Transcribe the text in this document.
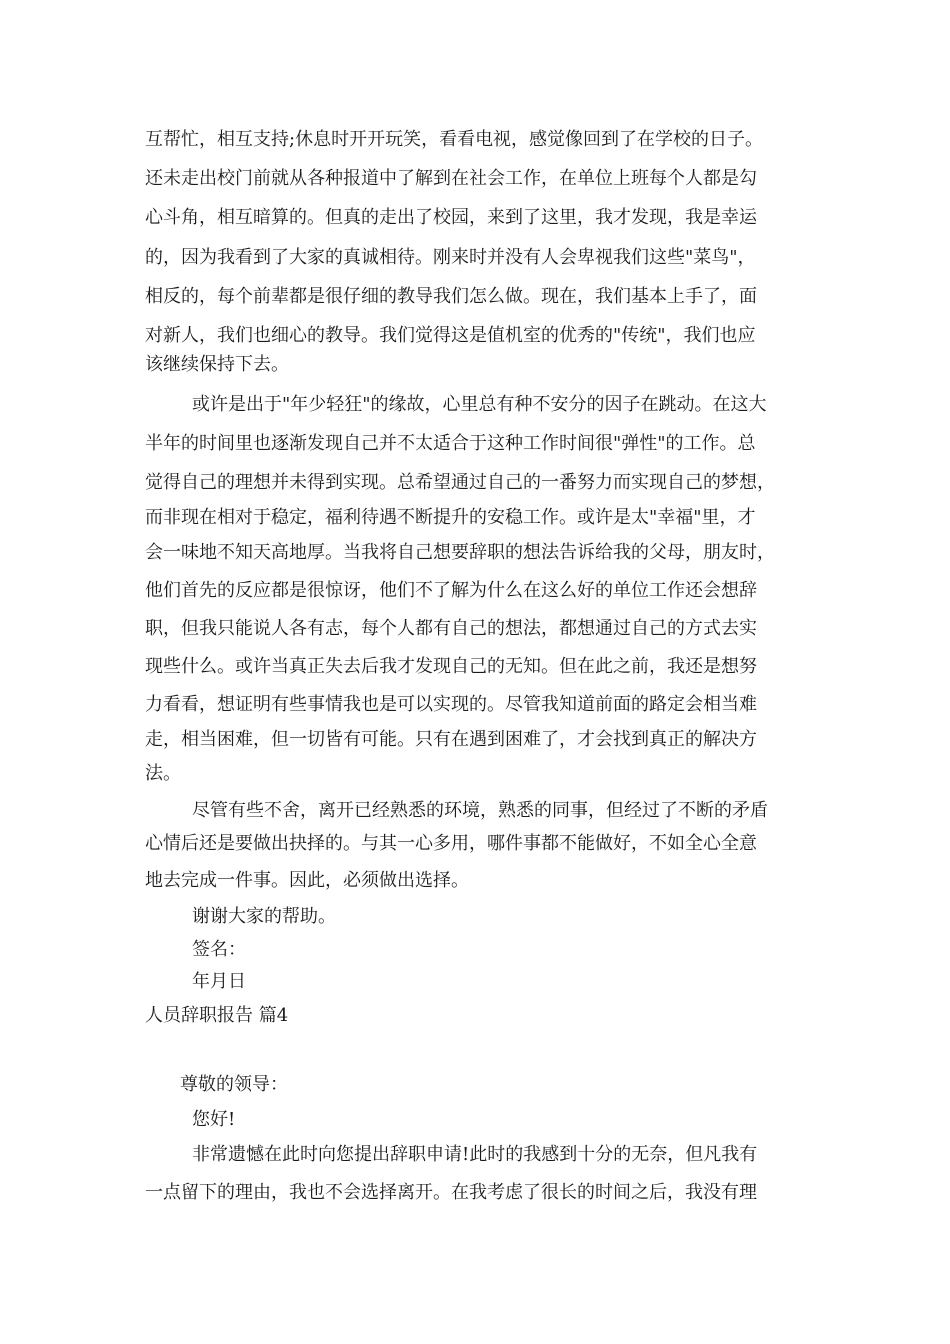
互帮忙，相互支持;休息时开开玩笑，看看电视，感觉像回到了在学校的日子。
还未走出校门前就从各种报道中了解到在社会工作，在单位上班每个人都是勾
心斗角，相互暗算的。但真的走出了校园，来到了这里，我才发现，我是幸运
的，因为我看到了大家的真诚相待。刚来时并没有人会卑视我们这些"菜鸟"，
相反的，每个前辈都是很仔细的教导我们怎么做。现在，我们基本上手了，面
对新人，我们也细心的教导。我们觉得这是值机室的优秀的"传统"，我们也应
该继续保持下去。
或许是出于"年少轻狂"的缘故，心里总有种不安分的因子在跳动。在这大
半年的时间里也逐渐发现自己并不太适合于这种工作时间很"弹性"的工作。总
觉得自己的理想并未得到实现。总希望通过自己的一番努力而实现自己的梦想，
而非现在相对于稳定，福利待遇不断提升的安稳工作。或许是太"幸福"里，才
会一味地不知天高地厚。当我将自己想要辞职的想法告诉给我的父母，朋友时，
他们首先的反应都是很惊讶，他们不了解为什么在这么好的单位工作还会想辞
职，但我只能说人各有志，每个人都有自己的想法，都想通过自己的方式去实
现些什么。或许当真正失去后我才发现自己的无知。但在此之前，我还是想努
力看看，想证明有些事情我也是可以实现的。尽管我知道前面的路定会相当难
走，相当困难，但一切皆有可能。只有在遇到困难了，才会找到真正的解决方
法。
尽管有些不舍，离开已经熟悉的环境，熟悉的同事，但经过了不断的矛盾
心情后还是要做出抉择的。与其一心多用，哪件事都不能做好，不如全心全意
地去完成一件事。因此，必须做出选择。
谢谢大家的帮助。
签名：
年月日
人员辞职报告 篇4
尊敬的领导：
您好!
非常遗憾在此时向您提出辞职申请!此时的我感到十分的无奈，但凡我有
一点留下的理由，我也不会选择离开。在我考虑了很长的时间之后，我没有理
